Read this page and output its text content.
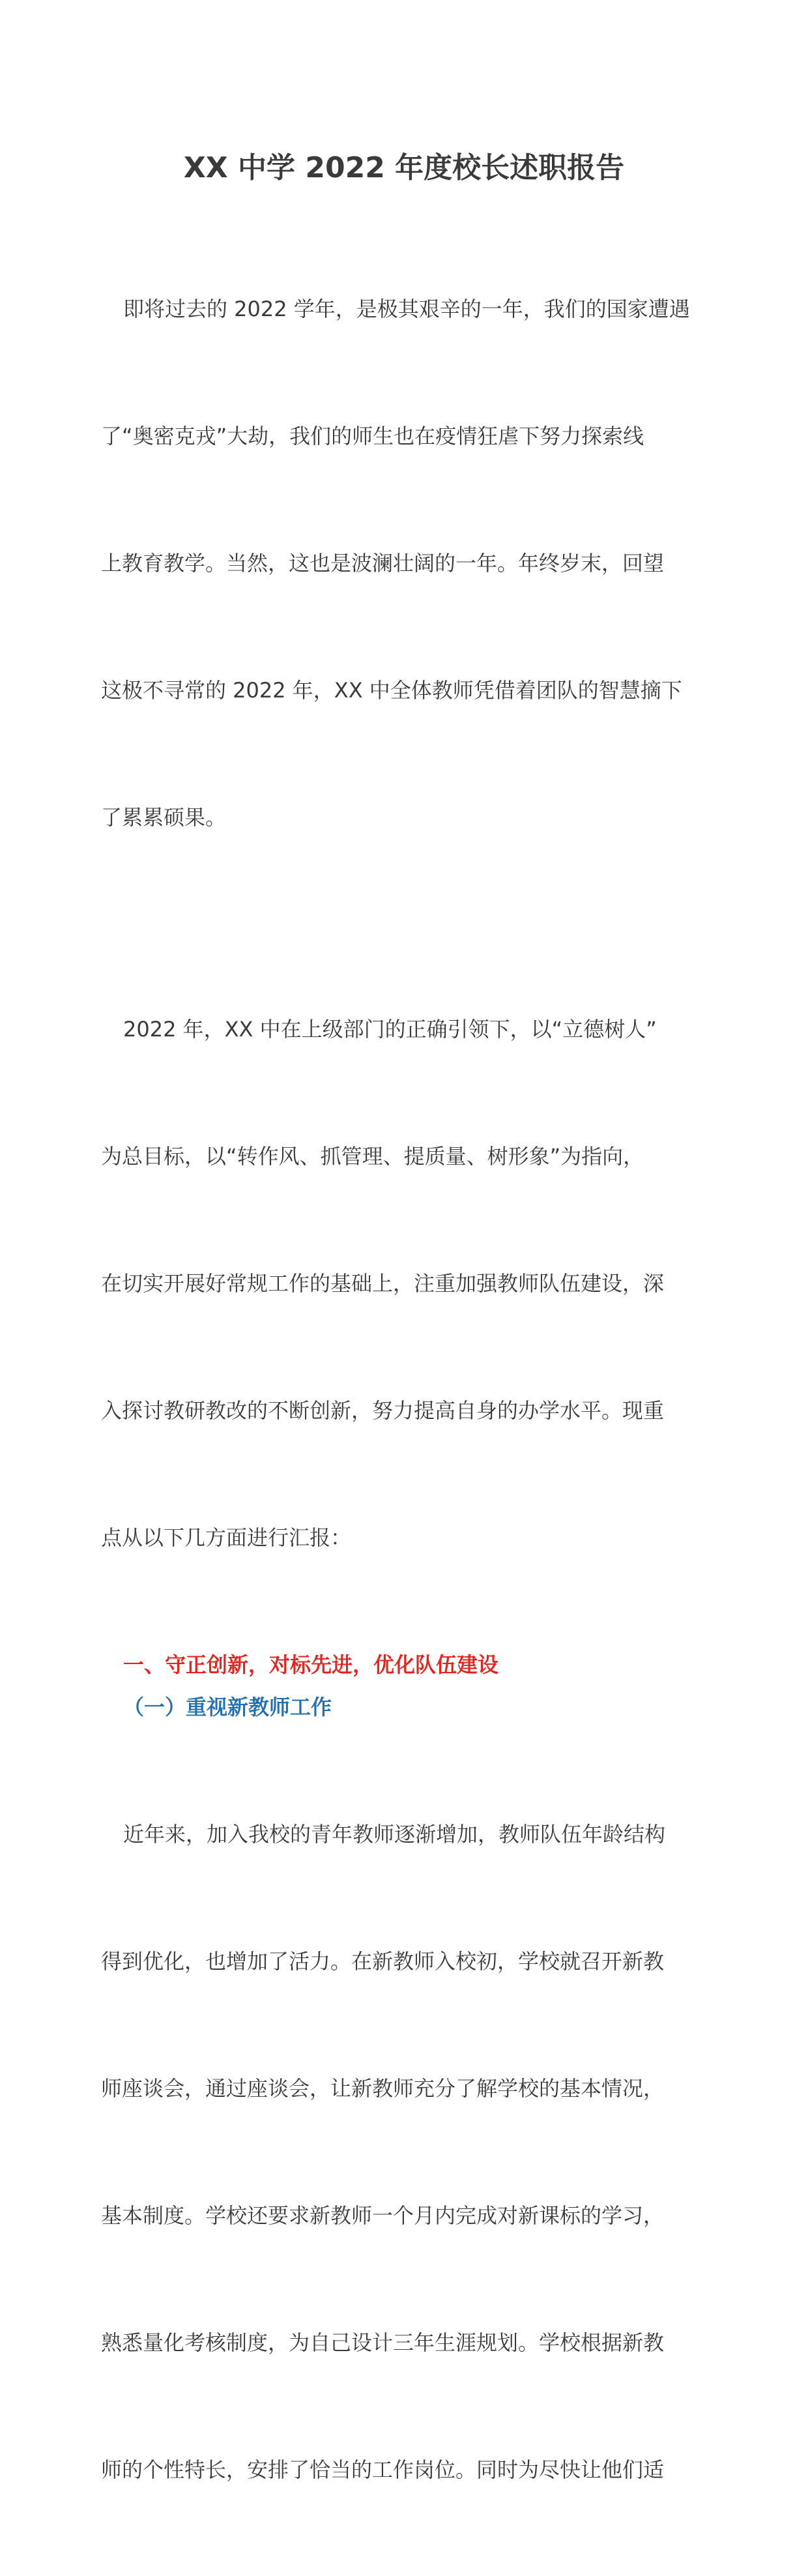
XX 中学 2022 年度校长述职报告

即将过去的 2022 学年，是极其艰辛的一年，我们的国家遭遇

了“奥密克戎”大劫，我们的师生也在疫情狂虐下努力探索线

上教育教学。当然，这也是波澜壮阔的一年。年终岁末，回望

这极不寻常的 2022 年，XX 中全体教师凭借着团队的智慧摘下

了累累硕果。

2022 年，XX 中在上级部门的正确引领下，以“立德树人”

为总目标，以“转作风、抓管理、提质量、树形象”为指向，

在切实开展好常规工作的基础上，注重加强教师队伍建设，深

入探讨教研教改的不断创新，努力提高自身的办学水平。现重

点从以下几方面进行汇报：

一、守正创新，对标先进，优化队伍建设
（一）重视新教师工作

近年来，加入我校的青年教师逐渐增加，教师队伍年龄结构

得到优化，也增加了活力。在新教师入校初，学校就召开新教

师座谈会，通过座谈会，让新教师充分了解学校的基本情况，

基本制度。学校还要求新教师一个月内完成对新课标的学习，

熟悉量化考核制度，为自己设计三年生涯规划。学校根据新教

师的个性特长，安排了恰当的工作岗位。同时为尽快让他们适
